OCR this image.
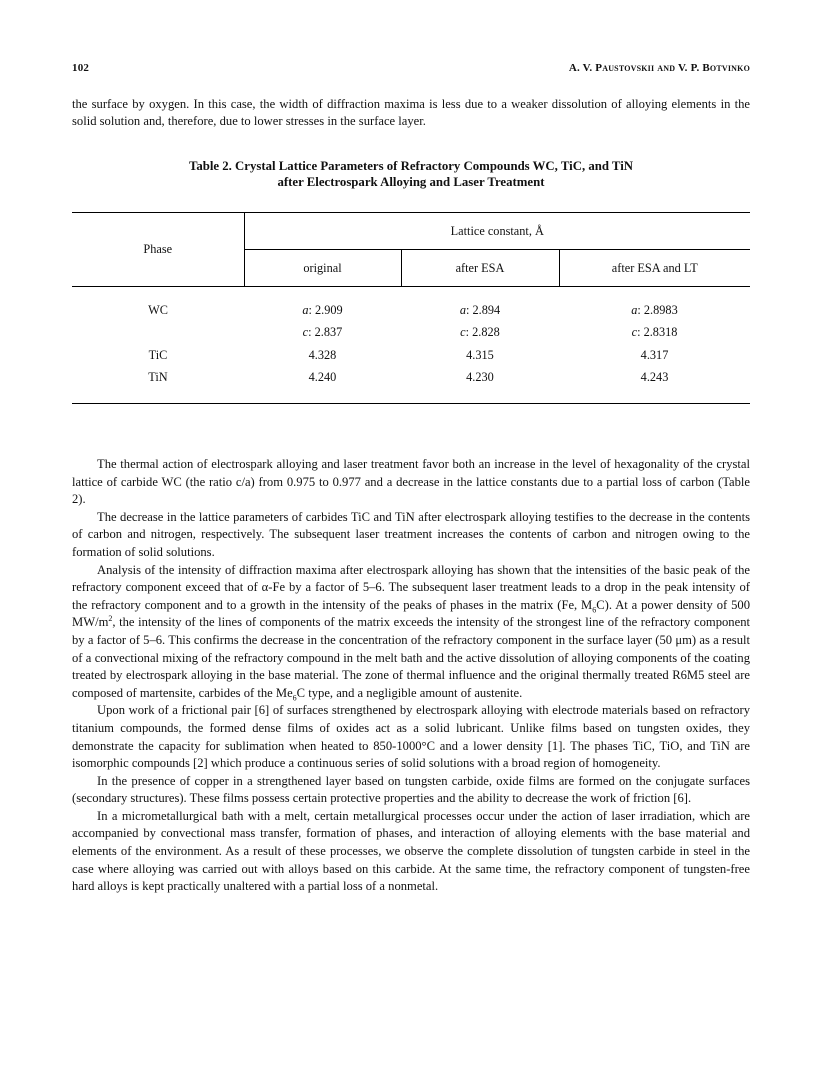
102	A. V. Paustovskii and V. P. Botvinko
the surface by oxygen. In this case, the width of diffraction maxima is less due to a weaker dissolution of alloying elements in the solid solution and, therefore, due to lower stresses in the surface layer.
Table 2. Crystal Lattice Parameters of Refractory Compounds WC, TiC, and TiN
after Electrospark Alloying and Laser Treatment
Phase	Lattice constant, Å		
	original	after ESA	after ESA and LT
WC	a: 2.909	a: 2.894	a: 2.8983
	c: 2.837	c: 2.828	c: 2.8318
TiC	4.328	4.315	4.317
TiN	4.240	4.230	4.243

The thermal action of electrospark alloying and laser treatment favor both an increase in the level of hexagonality of the crystal lattice of carbide WC (the ratio c/a) from 0.975 to 0.977 and a decrease in the lattice constants due to a partial loss of carbon (Table 2).

The decrease in the lattice parameters of carbides TiC and TiN after electrospark alloying testifies to the decrease in the contents of carbon and nitrogen, respectively. The subsequent laser treatment increases the contents of carbon and nitrogen owing to the formation of solid solutions.

Analysis of the intensity of diffraction maxima after electrospark alloying has shown that the intensities of the basic peak of the refractory component exceed that of α-Fe by a factor of 5–6. The subsequent laser treatment leads to a drop in the peak intensity of the refractory component and to a growth in the intensity of the peaks of phases in the matrix (Fe, $M_6C$). At a power density of 500 $MW/m^2$, the intensity of the lines of components of the matrix exceeds the intensity of the strongest line of the refractory component by a factor of 5–6. This confirms the decrease in the concentration of the refractory component in the surface layer (50 μm) as a result of a convectional mixing of the refractory compound in the melt bath and the active dissolution of alloying components of the coating treated by electrospark alloying in the base material. The zone of thermal influence and the original thermally treated R6M5 steel are composed of martensite, carbides of the $Me_6C$ type, and a negligible amount of austenite.

Upon work of a frictional pair [6] of surfaces strengthened by electrospark alloying with electrode materials based on refractory titanium compounds, the formed dense films of oxides act as a solid lubricant. Unlike films based on tungsten oxides, they demonstrate the capacity for sublimation when heated to 850-1000°C and a lower density [1]. The phases TiC, TiO, and TiN are isomorphic compounds [2] which produce a continuous series of solid solutions with a broad region of homogeneity.

In the presence of copper in a strengthened layer based on tungsten carbide, oxide films are formed on the conjugate surfaces (secondary structures). These films possess certain protective properties and the ability to decrease the work of friction [6].

In a micrometallurgical bath with a melt, certain metallurgical processes occur under the action of laser irradiation, which are accompanied by convectional mass transfer, formation of phases, and interaction of alloying elements with the base material and elements of the environment. As a result of these processes, we observe the complete dissolution of tungsten carbide in steel in the case where alloying was carried out with alloys based on this carbide. At the same time, the refractory component of tungsten-free hard alloys is kept practically unaltered with a partial loss of a nonmetal.
